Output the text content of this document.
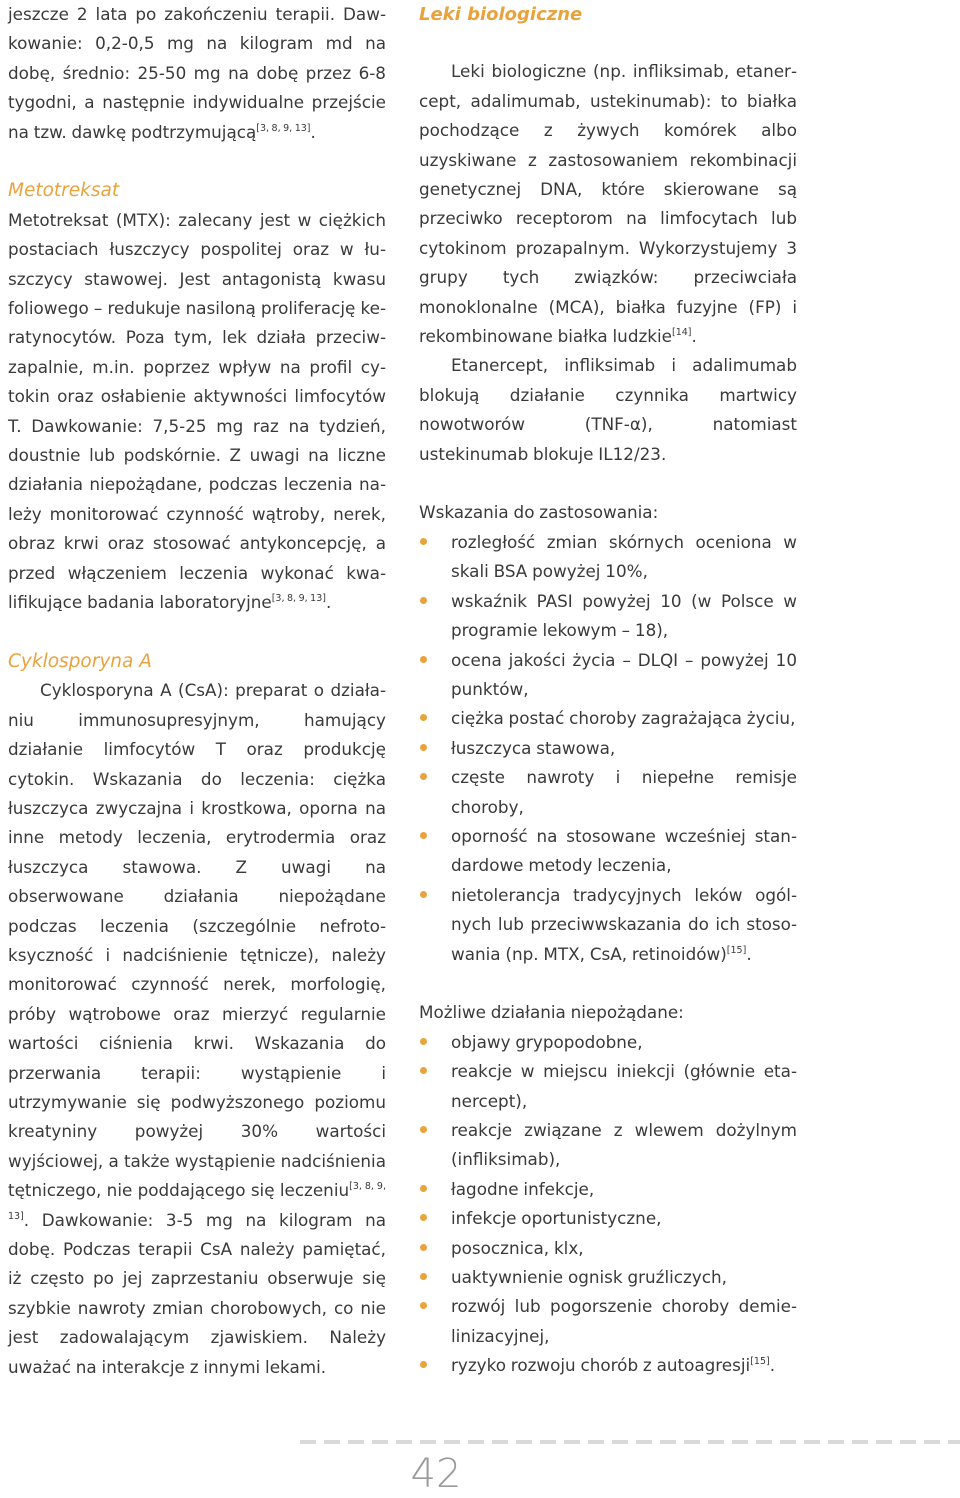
jeszcze 2 lata po zakończeniu terapii. Dawkowanie: 0,2-0,5 mg na kilogram md na dobę, średnio: 25-50 mg na dobę przez 6-8 tygodni, a następnie indywidualne przejście na tzw. dawkę podtrzymującą[3, 8, 9, 13].

Metotreksat

Metotreksat (MTX): zalecany jest w ciężkich postaciach łuszczycy pospolitej oraz w łuszczycy stawowej. Jest antagonistą kwasu foliowego – redukuje nasiloną proliferację keratynocytów. Poza tym, lek działa przeciwzapalnie, m.in. poprzez wpływ na profil cytokin oraz osłabienie aktywności limfocytów T. Dawkowanie: 7,5-25 mg raz na tydzień, doustnie lub podskórnie. Z uwagi na liczne działania niepożądane, podczas leczenia należy monitorować czynność wątroby, nerek, obraz krwi oraz stosować antykoncepcję, a przed włączeniem leczenia wykonać kwalifikujące badania laboratoryjne[3, 8, 9, 13].

Cyklosporyna A

Cyklosporyna A (CsA): preparat o działaniu immunosupresyjnym, hamujący działanie limfocytów T oraz produkcję cytokin. Wskazania do leczenia: ciężka łuszczyca zwyczajna i krostkowa, oporna na inne metody leczenia, erytrodermia oraz łuszczyca stawowa. Z uwagi na obserwowane działania niepożądane podczas leczenia (szczególnie nefrotoksyczność i nadciśnienie tętnicze), należy monitorować czynność nerek, morfologię, próby wątrobowe oraz mierzyć regularnie wartości ciśnienia krwi. Wskazania do przerwania terapii: wystąpienie i utrzymywanie się podwyższonego poziomu kreatyniny powyżej 30% wartości wyjściowej, a także wystąpienie nadciśnienia tętniczego, nie poddającego się leczeniu[3, 8, 9, 13]. Dawkowanie: 3-5 mg na kilogram na dobę. Podczas terapii CsA należy pamiętać, iż często po jej zaprzestaniu obserwuje się szybkie nawroty zmian chorobowych, co nie jest zadowalającym zjawiskiem. Należy uważać na interakcje z innymi lekami.

Leki biologiczne

Leki biologiczne (np. infliksimab, etanercept, adalimumab, ustekinumab): to białka pochodzące z żywych komórek albo uzyskiwane z zastosowaniem rekombinacji genetycznej DNA, które skierowane są przeciwko receptorom na limfocytach lub cytokinom prozapalnym. Wykorzystujemy 3 grupy tych związków: przeciwciała monoklonalne (MCA), białka fuzyjne (FP) i rekombinowane białka ludzkie[14].

Etanercept, infliksimab i adalimumab blokują działanie czynnika martwicy nowotworów (TNF-α), natomiast ustekinumab blokuje IL12/23.

Wskazania do zastosowania:

rozległość zmian skórnych oceniona w skali BSA powyżej 10%,
wskaźnik PASI powyżej 10 (w Polsce w programie lekowym – 18),
ocena jakości życia – DLQI – powyżej 10 punktów,
ciężka postać choroby zagrażająca życiu,
łuszczyca stawowa,
częste nawroty i niepełne remisje choroby,
oporność na stosowane wcześniej standardowe metody leczenia,
nietolerancja tradycyjnych leków ogólnych lub przeciwwskazania do ich stosowania (np. MTX, CsA, retinoidów)[15].

Możliwe działania niepożądane:

objawy grypopodobne,
reakcje w miejscu iniekcji (głównie etanercept),
reakcje związane z wlewem dożylnym (infliksimab),
łagodne infekcje,
infekcje oportunistyczne,
posocznica, klx,
uaktywnienie ognisk gruźliczych,
rozwój lub pogorszenie choroby demielinizacyjnej,
ryzyko rozwoju chorób z autoagresji[15].
42
